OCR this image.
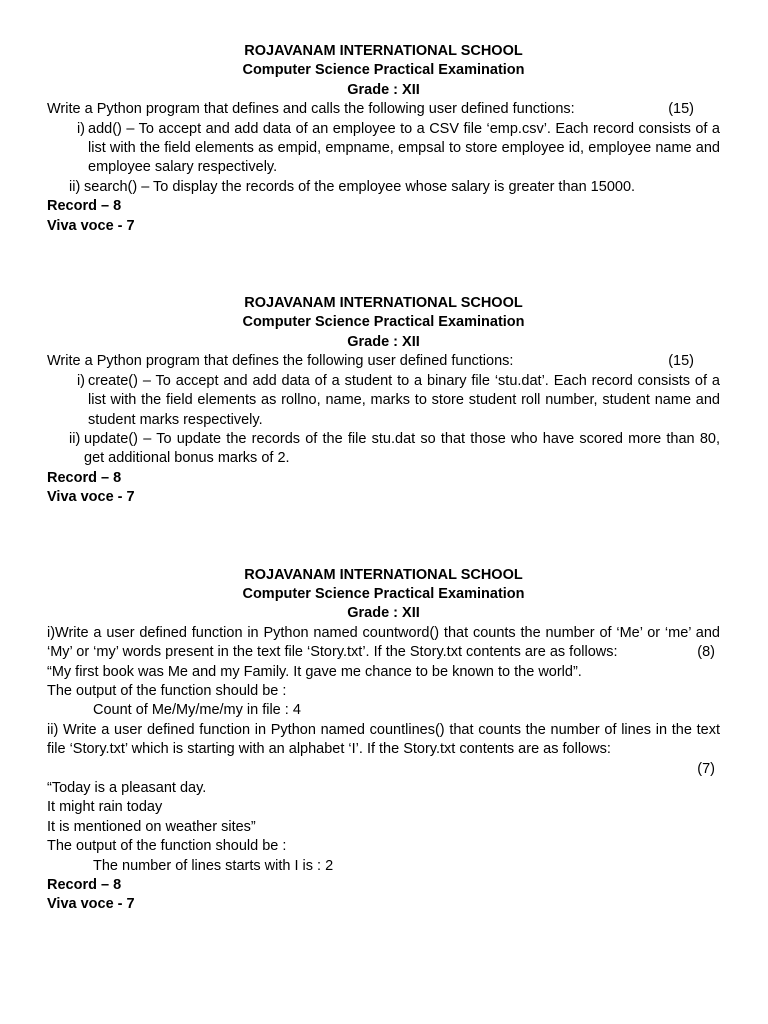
ROJAVANAM INTERNATIONAL SCHOOL
Computer Science Practical Examination
Grade : XII
Write a Python program that defines and calls the following user defined functions:	(15)
i) add() – To accept and add data of an employee to a CSV file ‘emp.csv’. Each record consists of a list with the field elements as empid, empname, empsal to store employee id, employee name and employee salary respectively.
ii) search() – To display the records of the employee whose salary is greater than 15000.
Record – 8
Viva voce - 7
ROJAVANAM INTERNATIONAL SCHOOL
Computer Science Practical Examination
Grade : XII
Write a Python program that defines the following user defined functions:	(15)
i) create() – To accept and add data of a student to a binary file ‘stu.dat’. Each record consists of a list with the field elements as rollno, name, marks to store student roll number, student name and student marks respectively.
ii) update() – To update the records of the file stu.dat so that those who have scored more than 80, get additional bonus marks of 2.
Record – 8
Viva voce - 7
ROJAVANAM INTERNATIONAL SCHOOL
Computer Science Practical Examination
Grade : XII
i)Write a user defined function in Python named countword() that counts the number of ‘Me’ or ‘me’ and ‘My’ or ‘my’ words present in the text file ‘Story.txt’. If the Story.txt contents are as follows:	(8)
“My first book was Me and my Family. It gave me chance to be known to the world”.
The output of the function should be :
Count of Me/My/me/my in file : 4
ii) Write a user defined function in Python named countlines() that counts the number of lines in the text file ‘Story.txt’ which is starting with an alphabet ‘I’. If the Story.txt contents are as follows:
(7)
“Today is a pleasant day.
It might rain today
It is mentioned on weather sites”
The output of the function should be :
The number of lines starts with I is : 2
Record – 8
Viva voce - 7
